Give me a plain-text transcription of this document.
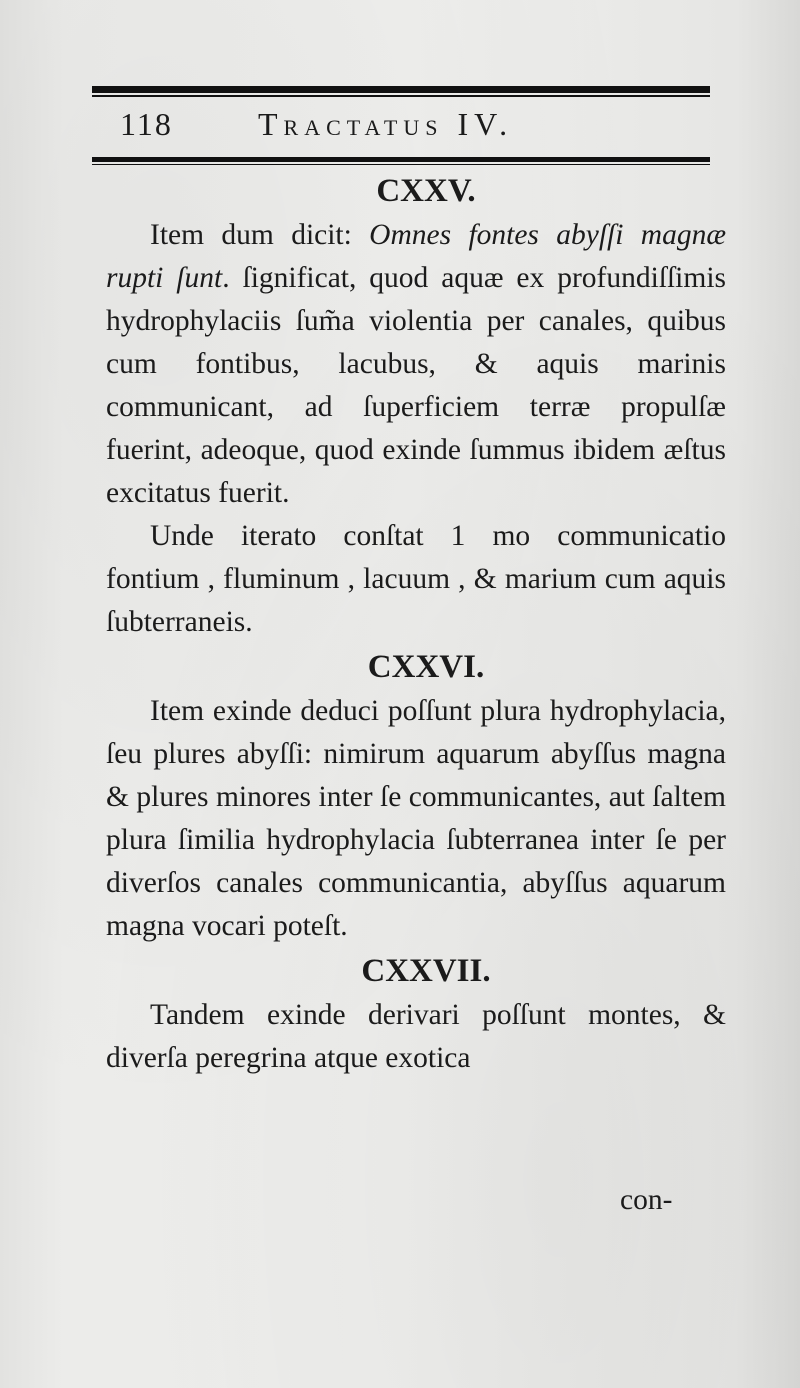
118	Tractatus IV.
CXXV.

Item dum dicit: Omnes fontes abyſſi magnæ rupti ſunt. ſignificat, quod aquæ ex profundiſſimis hydrophylaciis ſum̃a violentia per canales, quibus cum fontibus, lacubus, & aquis marinis communicant, ad ſuperficiem terræ propulſæ fuerint, adeoque, quod exinde ſummus ibidem æſtus excitatus fuerit.

Unde iterato conſtat 1 mo communicatio fontium , fluminum , lacuum , & marium cum aquis ſubterraneis.

CXXVI.

Item exinde deduci poſſunt plura hydrophylacia, ſeu plures abyſſi: nimirum aquarum abyſſus magna & plures minores inter ſe communicantes, aut ſaltem plura ſimilia hydrophylacia ſubterranea inter ſe per diverſos canales communicantia, abyſſus aquarum magna vocari poteſt.

CXXVII.

Tandem exinde derivari poſſunt montes, & diverſa peregrina atque exotica

con-
